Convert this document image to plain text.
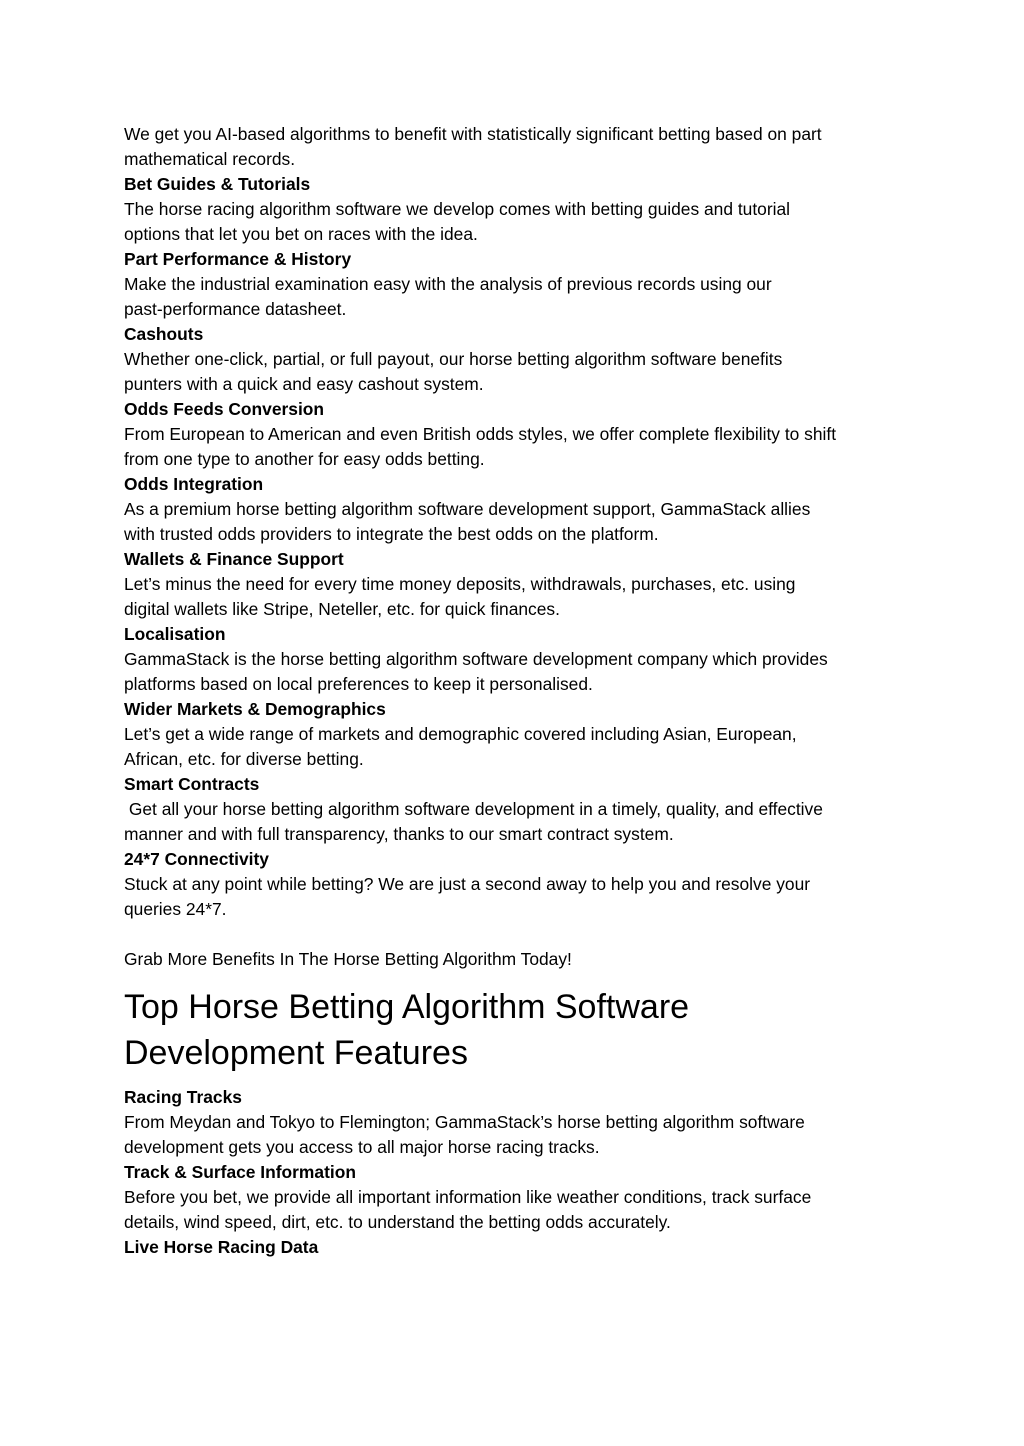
We get you AI-based algorithms to benefit with statistically significant betting based on part

mathematical records.

Bet Guides & Tutorials

The horse racing algorithm software we develop comes with betting guides and tutorial

options that let you bet on races with the idea.

Part Performance & History

Make the industrial examination easy with the analysis of previous records using our

past-performance datasheet.

Cashouts

Whether one-click, partial, or full payout, our horse betting algorithm software benefits

punters with a quick and easy cashout system.

Odds Feeds Conversion

From European to American and even British odds styles, we offer complete flexibility to shift

from one type to another for easy odds betting.

Odds Integration

As a premium horse betting algorithm software development support, GammaStack allies

with trusted odds providers to integrate the best odds on the platform.

Wallets & Finance Support

Let’s minus the need for every time money deposits, withdrawals, purchases, etc. using

digital wallets like Stripe, Neteller, etc. for quick finances.

Localisation

GammaStack is the horse betting algorithm software development company which provides

platforms based on local preferences to keep it personalised.

Wider Markets & Demographics

Let’s get a wide range of markets and demographic covered including Asian, European,

African, etc. for diverse betting.

Smart Contracts

Get all your horse betting algorithm software development in a timely, quality, and effective

manner and with full transparency, thanks to our smart contract system.

24*7 Connectivity

Stuck at any point while betting? We are just a second away to help you and resolve your

queries 24*7.

Grab More Benefits In The Horse Betting Algorithm Today!

Top Horse Betting Algorithm Software
Development Features

Racing Tracks

From Meydan and Tokyo to Flemington; GammaStack’s horse betting algorithm software

development gets you access to all major horse racing tracks.

Track & Surface Information

Before you bet, we provide all important information like weather conditions, track surface

details, wind speed, dirt, etc. to understand the betting odds accurately.

Live Horse Racing Data
